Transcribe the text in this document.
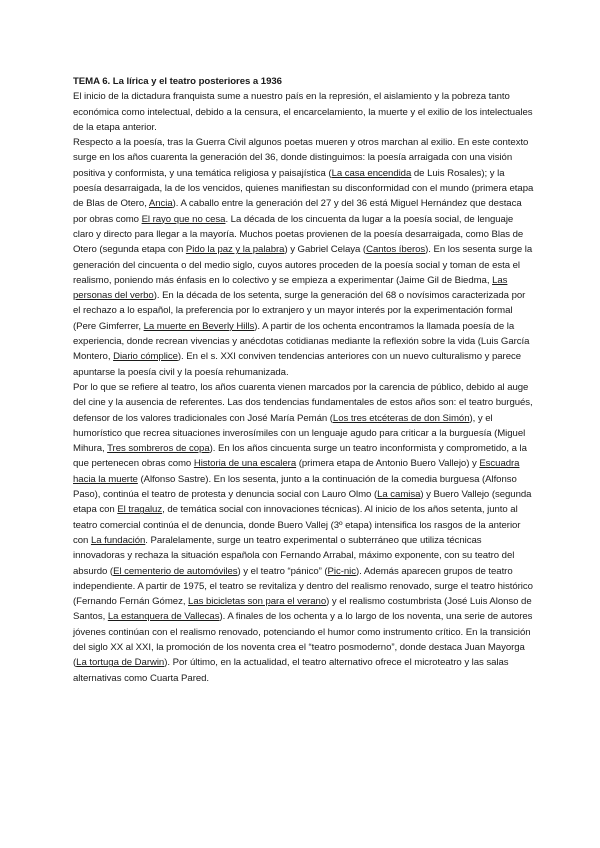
TEMA 6. La lírica y el teatro posteriores a 1936

El inicio de la dictadura franquista sume a nuestro país en la represión, el aislamiento y la pobreza tanto económica como intelectual, debido a la censura, el encarcelamiento, la muerte y el exilio de los intelectuales de la etapa anterior.

Respecto a la poesía, tras la Guerra Civil algunos poetas mueren y otros marchan al exilio. En este contexto surge en los años cuarenta la generación del 36, donde distinguimos: la poesía arraigada con una visión positiva y conformista, y una temática religiosa y paisajística (La casa encendida de Luis Rosales); y la poesía desarraigada, la de los vencidos, quienes manifiestan su disconformidad con el mundo (primera etapa de Blas de Otero, Ancia). A caballo entre la generación del 27 y del 36 está Miguel Hernández que destaca por obras como El rayo que no cesa. La década de los cincuenta da lugar a la poesía social, de lenguaje claro y directo para llegar a la mayoría. Muchos poetas provienen de la poesía desarraigada, como Blas de Otero (segunda etapa con Pido la paz y la palabra) y Gabriel Celaya (Cantos íberos). En los sesenta surge la generación del cincuenta o del medio siglo, cuyos autores proceden de la poesía social y toman de esta el realismo, poniendo más énfasis en lo colectivo y se empieza a experimentar (Jaime Gil de Biedma, Las personas del verbo). En la década de los setenta, surge la generación del 68 o novísimos caracterizada por el rechazo a lo español, la preferencia por lo extranjero y un mayor interés por la experimentación formal (Pere Gimferrer, La muerte en Beverly Hills). A partir de los ochenta encontramos la llamada poesía de la experiencia, donde recrean vivencias y anécdotas cotidianas mediante la reflexión sobre la vida (Luis García Montero, Diario cómplice). En el s. XXI conviven tendencias anteriores con un nuevo culturalismo y parece apuntarse la poesía civil y la poesía rehumanizada.

Por lo que se refiere al teatro, los años cuarenta vienen marcados por la carencia de público, debido al auge del cine y la ausencia de referentes. Las dos tendencias fundamentales de estos años son: el teatro burgués, defensor de los valores tradicionales con José María Pemán (Los tres etcéteras de don Simón), y el humorístico que recrea situaciones inverosímiles con un lenguaje agudo para criticar a la burguesía (Miguel Mihura, Tres sombreros de copa). En los años cincuenta surge un teatro inconformista y comprometido, a la que pertenecen obras como Historia de una escalera (primera etapa de Antonio Buero Vallejo) y Escuadra hacia la muerte (Alfonso Sastre). En los sesenta, junto a la continuación de la comedia burguesa (Alfonso Paso), continúa el teatro de protesta y denuncia social con Lauro Olmo (La camisa) y Buero Vallejo (segunda etapa con El tragaluz, de temática social con innovaciones técnicas). Al inicio de los años setenta, junto al teatro comercial continúa el de denuncia, donde Buero Vallej (3º etapa) intensifica los rasgos de la anterior con La fundación. Paralelamente, surge un teatro experimental o subterráneo que utiliza técnicas innovadoras y rechaza la situación española con Fernando Arrabal, máximo exponente, con su teatro del absurdo (El cementerio de automóviles) y el teatro “pánico” (Pic-nic). Además aparecen grupos de teatro independiente. A partir de 1975, el teatro se revitaliza y dentro del realismo renovado, surge el teatro histórico (Fernando Fernán Gómez, Las bicicletas son para el verano) y el realismo costumbrista (José Luis Alonso de Santos, La estanquera de Vallecas). A finales de los ochenta y a lo largo de los noventa, una serie de autores jóvenes continúan con el realismo renovado, potenciando el humor como instrumento crítico. En la transición del siglo XX al XXI, la promoción de los noventa crea el “teatro posmoderno”, donde destaca Juan Mayorga (La tortuga de Darwin). Por último, en la actualidad, el teatro alternativo ofrece el microteatro y las salas alternativas como Cuarta Pared.
